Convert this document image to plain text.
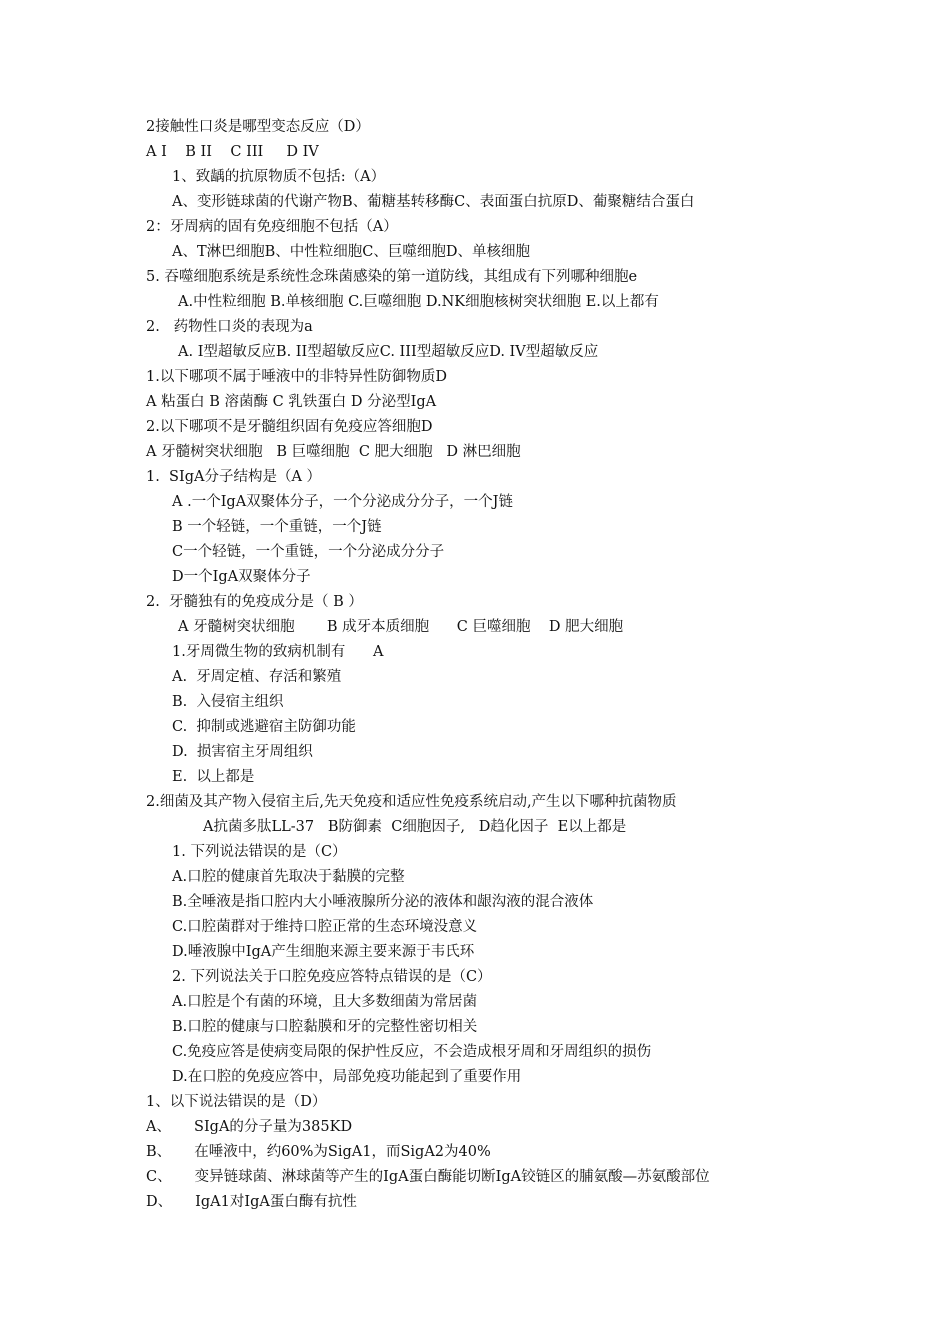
2接触性口炎是哪型变态反应（D）
A I    B II    C III     D IV
1、致龋的抗原物质不包括:（A）
A、变形链球菌的代谢产物B、葡糖基转移酶C、表面蛋白抗原D、葡聚糖结合蛋白
2：牙周病的固有免疫细胞不包括（A）
A、T淋巴细胞B、中性粒细胞C、巨噬细胞D、单核细胞
5. 吞噬细胞系统是系统性念珠菌感染的第一道防线，其组成有下列哪种细胞e
A.中性粒细胞 B.单核细胞 C.巨噬细胞 D.NK细胞核树突状细胞 E.以上都有
2.   药物性口炎的表现为a
A. I型超敏反应B. II型超敏反应C. III型超敏反应D. IV型超敏反应
1.以下哪项不属于唾液中的非特异性防御物质D
A 粘蛋白 B 溶菌酶 C 乳铁蛋白 D 分泌型IgA
2.以下哪项不是牙髓组织固有免疫应答细胞D
A 牙髓树突状细胞   B 巨噬细胞  C 肥大细胞   D 淋巴细胞
1.  SIgA分子结构是（A ）
A .一个IgA双聚体分子，一个分泌成分分子，一个J链
B 一个轻链，一个重链，一个J链
C一个轻链，一个重链，一个分泌成分分子
D一个IgA双聚体分子
2.  牙髓独有的免疫成分是（ B ）
A 牙髓树突状细胞       B 成牙本质细胞      C 巨噬细胞    D 肥大细胞
1.牙周微生物的致病机制有      A
A.  牙周定植、存活和繁殖
B.  入侵宿主组织
C.  抑制或逃避宿主防御功能
D.  损害宿主牙周组织
E.  以上都是
2.细菌及其产物入侵宿主后,先天免疫和适应性免疫系统启动,产生以下哪种抗菌物质
A抗菌多肽LL-37   B防御素  C细胞因子,   D趋化因子  E以上都是
1. 下列说法错误的是（C）
A.口腔的健康首先取决于黏膜的完整
B.全唾液是指口腔内大小唾液腺所分泌的液体和龈沟液的混合液体
C.口腔菌群对于维持口腔正常的生态环境没意义
D.唾液腺中IgA产生细胞来源主要来源于韦氏环
2. 下列说法关于口腔免疫应答特点错误的是（C）
A.口腔是个有菌的环境，且大多数细菌为常居菌
B.口腔的健康与口腔黏膜和牙的完整性密切相关
C.免疫应答是使病变局限的保护性反应，不会造成根牙周和牙周组织的损伤
D.在口腔的免疫应答中，局部免疫功能起到了重要作用
1、以下说法错误的是（D）
A、     SIgA的分子量为385KD
B、     在唾液中，约60%为SigA1，而SigA2为40%
C、     变异链球菌、淋球菌等产生的IgA蛋白酶能切断IgA铰链区的脯氨酸—苏氨酸部位
D、     IgA1对IgA蛋白酶有抗性
